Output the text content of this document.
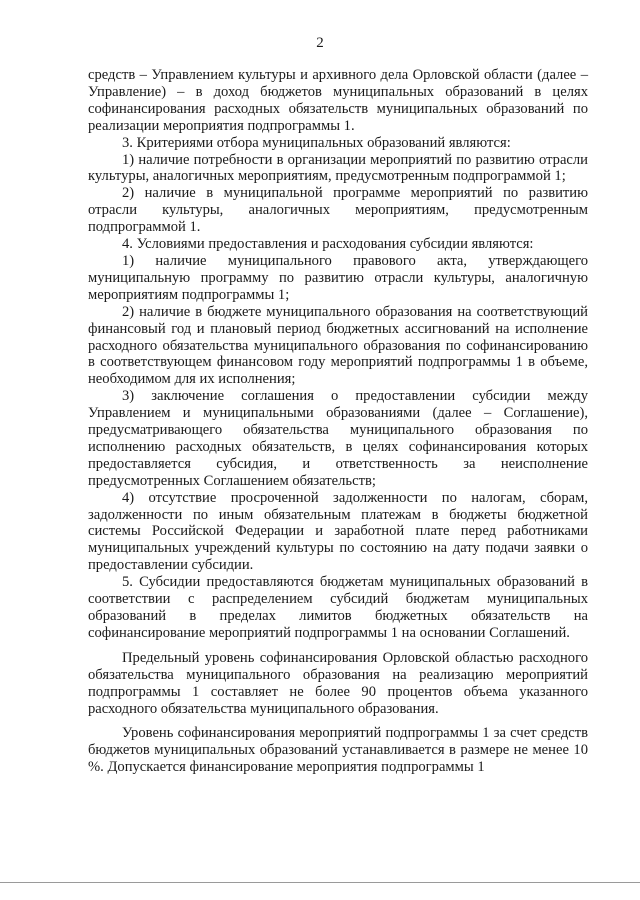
2

средств – Управлением культуры и архивного дела Орловской области (далее – Управление) – в доход бюджетов муниципальных образований в целях софинансирования расходных обязательств муниципальных образований по реализации мероприятия подпрограммы 1.

3. Критериями отбора муниципальных образований являются:

1) наличие потребности в организации мероприятий по развитию отрасли культуры, аналогичных мероприятиям, предусмотренным подпрограммой 1;

2) наличие в муниципальной программе мероприятий по развитию отрасли культуры, аналогичных мероприятиям, предусмотренным подпрограммой 1.

4. Условиями предоставления и расходования субсидии являются:

1) наличие муниципального правового акта, утверждающего муниципальную программу по развитию отрасли культуры, аналогичную мероприятиям подпрограммы 1;

2) наличие в бюджете муниципального образования на соответствующий финансовый год и плановый период бюджетных ассигнований на исполнение расходного обязательства муниципального образования по софинансированию в соответствующем финансовом году мероприятий подпрограммы 1 в объеме, необходимом для их исполнения;

3) заключение соглашения о предоставлении субсидии между Управлением и муниципальными образованиями (далее – Соглашение), предусматривающего обязательства муниципального образования по исполнению расходных обязательств, в целях софинансирования которых предоставляется субсидия, и ответственность за неисполнение предусмотренных Соглашением обязательств;

4) отсутствие просроченной задолженности по налогам, сборам, задолженности по иным обязательным платежам в бюджеты бюджетной системы Российской Федерации и заработной плате перед работниками муниципальных учреждений культуры по состоянию на дату подачи заявки о предоставлении субсидии.

5. Субсидии предоставляются бюджетам муниципальных образований в соответствии с распределением субсидий бюджетам муниципальных образований в пределах лимитов бюджетных обязательств на софинансирование мероприятий подпрограммы 1 на основании Соглашений.

Предельный уровень софинансирования Орловской областью расходного обязательства муниципального образования на реализацию мероприятий подпрограммы 1 составляет не более 90 процентов объема указанного расходного обязательства муниципального образования.

Уровень софинансирования мероприятий подпрограммы 1 за счет средств бюджетов муниципальных образований устанавливается в размере не менее 10 %. Допускается финансирование мероприятия подпрограммы 1
